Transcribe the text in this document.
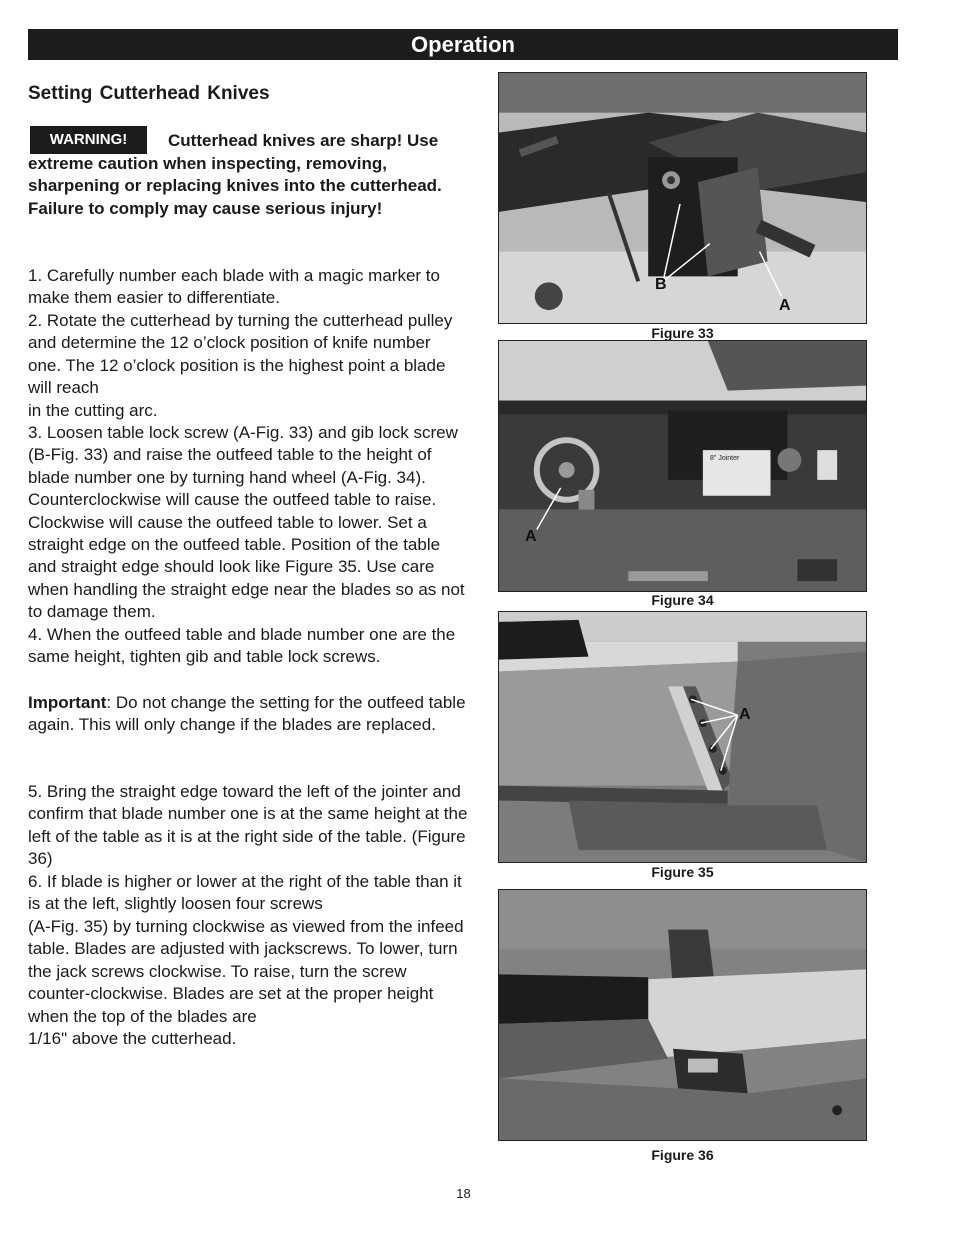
Operation
Setting Cutterhead Knives
WARNING!	Cutterhead knives are sharp! Use extreme caution when inspecting, removing, sharpening or replacing knives into the cutterhead. Failure to comply may cause serious injury!

1. Carefully number each blade with a magic marker to make them easier to differentiate.

2. Rotate the cutterhead by turning the cutterhead pulley and determine the 12 o’clock position of knife number one. The 12 o’clock position is the highest point a blade will reach

in the cutting arc.

3. Loosen table lock screw (A-Fig. 33) and gib lock screw (B-Fig. 33) and raise the outfeed table to the height of blade number one by turning hand wheel (A-Fig. 34). Counterclockwise will cause the outfeed table to raise. Clockwise will cause the outfeed table to lower. Set a straight edge on the outfeed table. Position of the table and straight edge should look like Figure 35. Use care when handling the straight edge near the blades so as not to damage them.

4. When the outfeed table and blade number one are the same height, tighten gib and table lock screws.

Important: Do not change the setting for the outfeed table again. This will only change if the blades are replaced.

5. Bring the straight edge toward the left of the jointer and confirm that blade number one is at the same height at the left of the table as it is at the right side of the table. (Figure 36)

6. If blade is higher or lower at the right of the table than it is at the left, slightly loosen four screws

(A-Fig. 35) by turning clockwise as viewed from the infeed table. Blades are adjusted with jackscrews. To lower, turn the jack screws clockwise. To raise, turn the screw counter-clockwise. Blades are set at the proper height when the top of the blades are

1/16" above the cutterhead.

B
A
Figure 33
8" Jointer
A
Figure 34
A
Figure 35
Figure 36
18
